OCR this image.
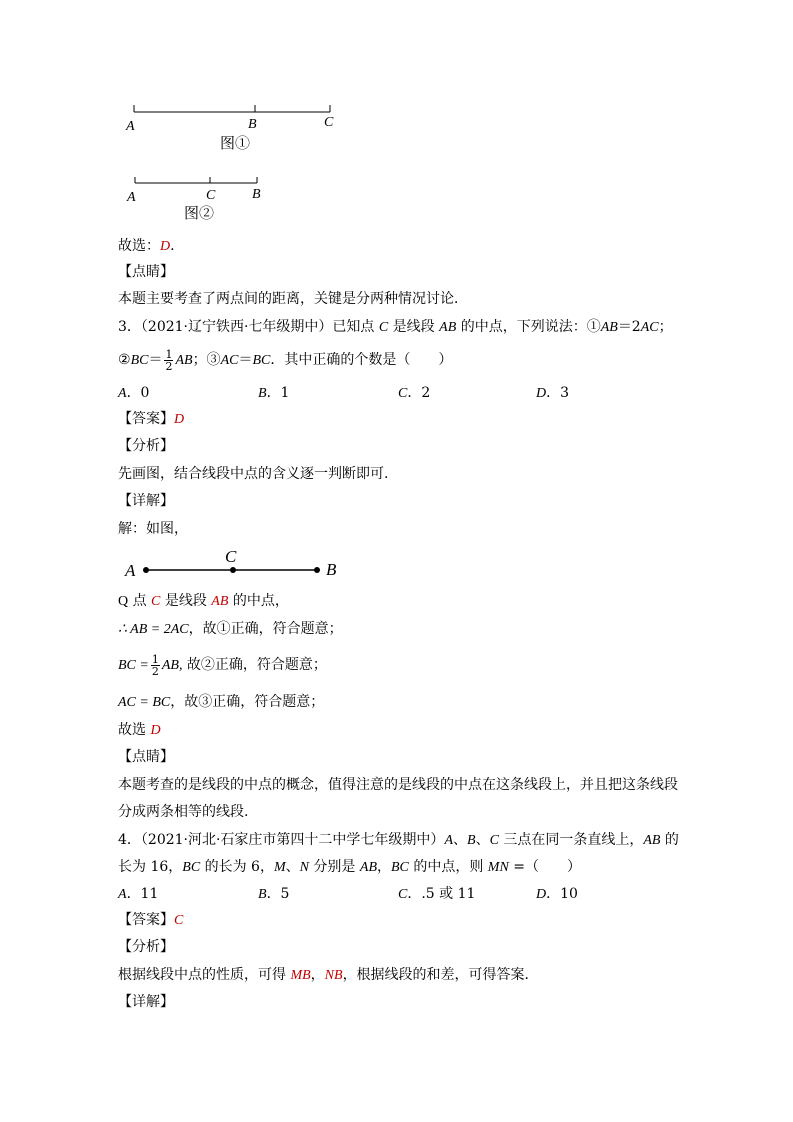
A	B	C
图①
A	C	B
图②
故选：D.
【点睛】
本题主要考查了两点间的距离，关键是分两种情况讨论．
3．（2021·辽宁铁西·七年级期中）已知点 C 是线段 AB 的中点，下列说法：①AB＝2AC；
②BC＝ $\frac{1}{2}$ AB；③AC＝BC．其中正确的个数是（　　）
A．0	B．1	C．2	D．3
【答案】D
【分析】
先画图，结合线段中点的含义逐一判断即可.
【详解】
解：如图，
A
C
B
Q 点 C 是线段 AB 的中点，
∴ AB = 2AC，故①正确，符合题意；
BC = $\frac{1}{2}$ AB, 故②正确，符合题意；
AC = BC，故③正确，符合题意；
故选 D
【点睛】
本题考查的是线段的中点的概念，值得注意的是线段的中点在这条线段上，并且把这条线段
分成两条相等的线段.
4．（2021·河北·石家庄市第四十二中学七年级期中）A、B、C 三点在同一条直线上，AB 的
长为 16，BC 的长为 6，M、N 分别是 AB，BC 的中点，则 MN =（　　）
A．11	B．5	C．.5 或 11	D．10
【答案】C
【分析】
根据线段中点的性质，可得 MB，NB，根据线段的和差，可得答案．
【详解】
